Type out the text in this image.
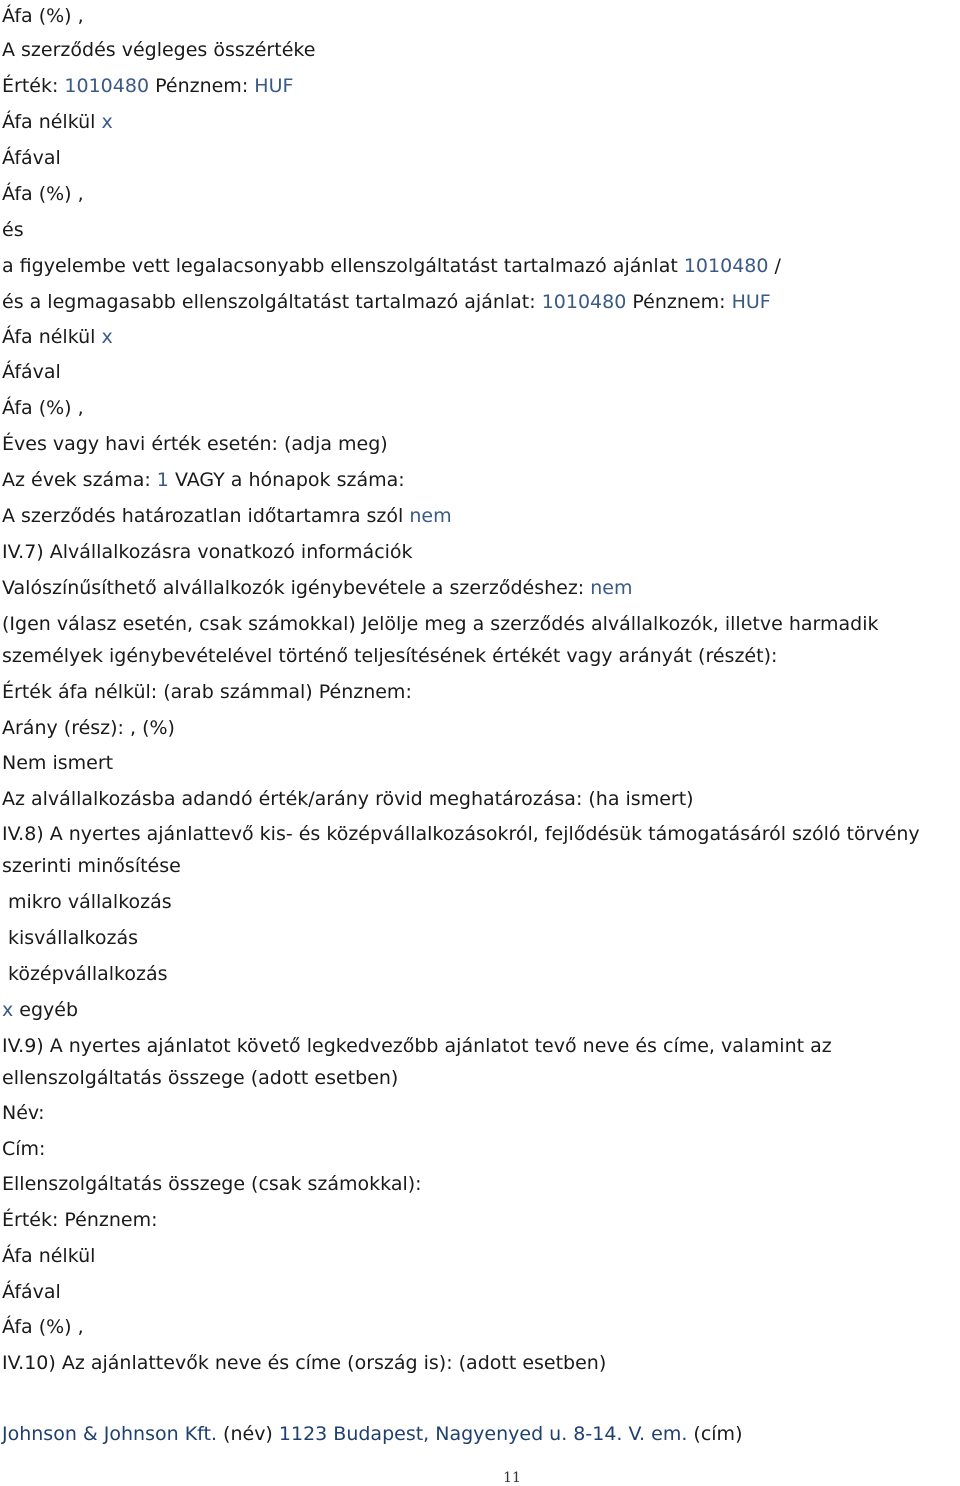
Áfa (%) ,
A szerződés végleges összértéke
Érték: 1010480 Pénznem: HUF
Áfa nélkül x
Áfával
Áfa (%) ,
és
a figyelembe vett legalacsonyabb ellenszolgáltatást tartalmazó ajánlat 1010480 /
és a legmagasabb ellenszolgáltatást tartalmazó ajánlat: 1010480 Pénznem: HUF
Áfa nélkül x
Áfával
Áfa (%) ,
Éves vagy havi érték esetén: (adja meg)
Az évek száma: 1 VAGY a hónapok száma:
A szerződés határozatlan időtartamra szól nem
IV.7) Alvállalkozásra vonatkozó információk
Valószínűsíthető alvállalkozók igénybevétele a szerződéshez: nem
(Igen válasz esetén, csak számokkal) Jelölje meg a szerződés alvállalkozók, illetve harmadik
személyek igénybevételével történő teljesítésének értékét vagy arányát (részét):
Érték áfa nélkül: (arab számmal) Pénznem:
Arány (rész): , (%)
Nem ismert
Az alvállalkozásba adandó érték/arány rövid meghatározása: (ha ismert)
IV.8) A nyertes ajánlattevő kis- és középvállalkozásokról, fejlődésük támogatásáról szóló törvény
szerinti minősítése
mikro vállalkozás
kisvállalkozás
középvállalkozás
x egyéb
IV.9) A nyertes ajánlatot követő legkedvezőbb ajánlatot tevő neve és címe, valamint az
ellenszolgáltatás összege (adott esetben)
Név:
Cím:
Ellenszolgáltatás összege (csak számokkal):
Érték: Pénznem:
Áfa nélkül
Áfával
Áfa (%) ,
IV.10) Az ajánlattevők neve és címe (ország is): (adott esetben)
Johnson & Johnson Kft. (név) 1123 Budapest, Nagyenyed u. 8-14. V. em. (cím)
11
